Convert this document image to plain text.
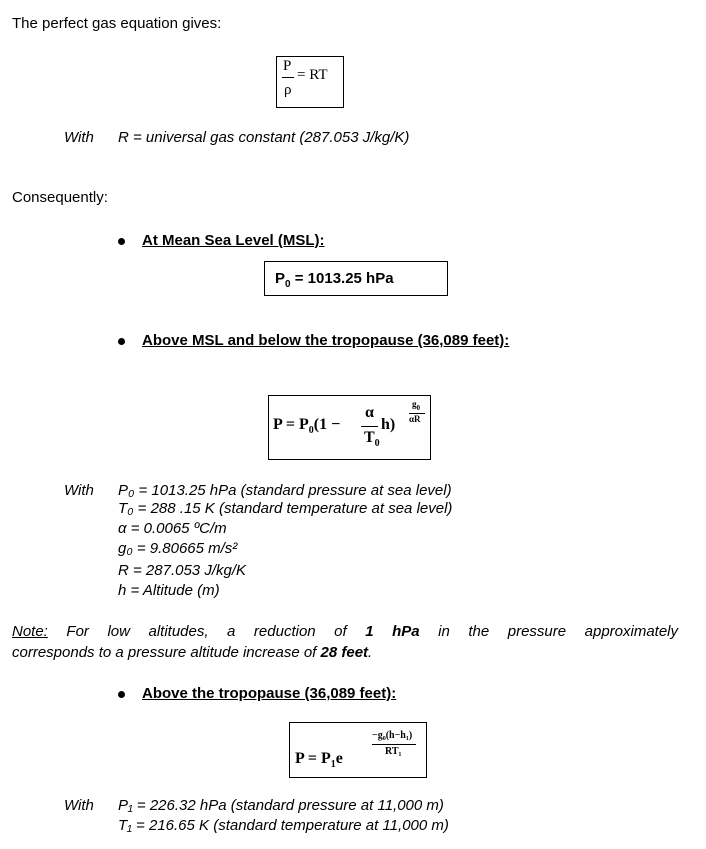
The perfect gas equation gives:
P
= RT
ρ
With R = universal gas constant (287.053 J/kg/K)
Consequently:
At Mean Sea Level (MSL):
$P_0 = 1013.25$ hPa
Above MSL and below the tropopause (36,089 feet):
$P = P_0(1$ −
α
$T_0$
h)
$g_0$
αR
With P₀ = 1013.25 hPa (standard pressure at sea level)
T₀ = 288 .15 K (standard temperature at sea level)
α = 0.0065 ºC/m
g₀ = 9.80665 m/s²
R = 287.053 J/kg/K
h = Altitude (m)
Note: For low altitudes, a reduction of 1 hPa in the pressure approximately
corresponds to a pressure altitude increase of 28 feet.
Above the tropopause (36,089 feet):
$P = P_1e$
−g₀(h−h₁)
RT₁
With P₁ = 226.32 hPa (standard pressure at 11,000 m)
T₁ = 216.65 K (standard temperature at 11,000 m)
